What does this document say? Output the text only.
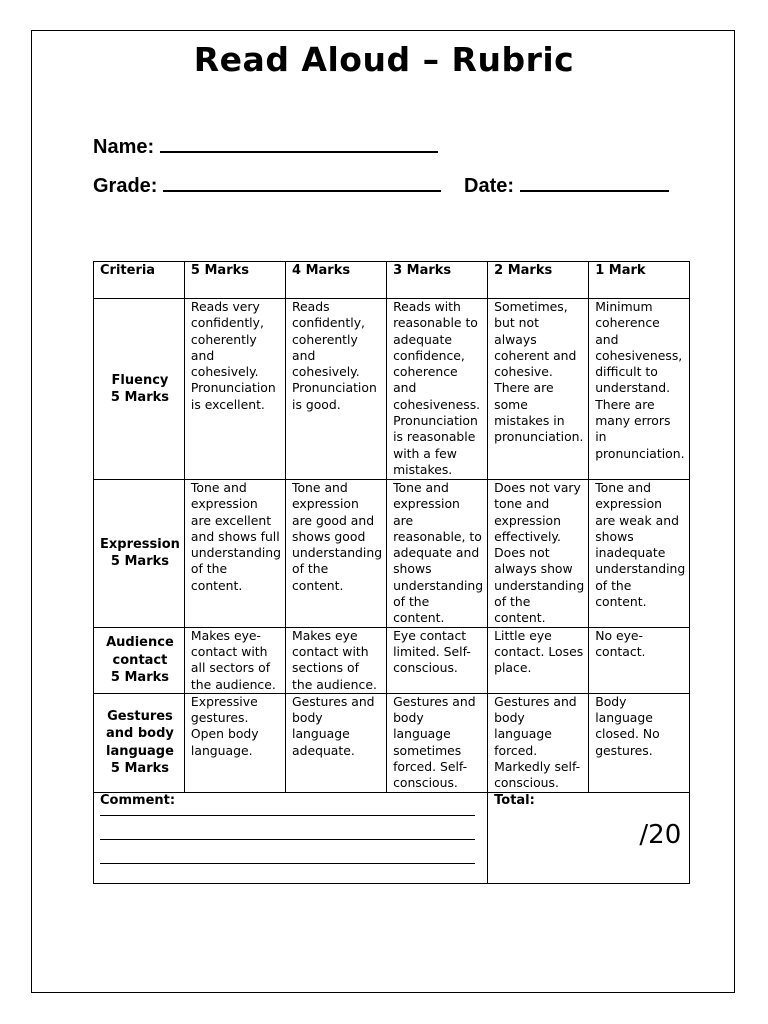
Read Aloud – Rubric
Name:
Grade:	Date:
Criteria	5 Marks	4 Marks	3 Marks	2 Marks	1 Mark
Fluency
5 Marks	Reads very confidently, coherently and cohesively. Pronunciation is excellent.	Reads confidently, coherently and cohesively. Pronunciation is good.	Reads with reasonable to adequate confidence, coherence and cohesiveness. Pronunciation is reasonable with a few mistakes.	Sometimes, but not always coherent and cohesive. There are some mistakes in pronunciation.	Minimum coherence and cohesiveness, difficult to understand. There are many errors in pronunciation.
Expression
5 Marks	Tone and expression are excellent and shows full understanding of the content.	Tone and expression are good and shows good understanding of the content.	Tone and expression are reasonable, to adequate and shows understanding of the content.	Does not vary tone and expression effectively. Does not always show understanding of the content.	Tone and expression are weak and shows inadequate understanding of the content.
Audience
contact
5 Marks	Makes eye-contact with all sectors of the audience.	Makes eye contact with sections of the audience.	Eye contact limited. Self-conscious.	Little eye contact. Loses place.	No eye-contact.
Gestures
and body
language
5 Marks	Expressive gestures. Open body language.	Gestures and body language adequate.	Gestures and body language sometimes forced. Self-conscious.	Gestures and body language forced. Markedly self-conscious.	Body language closed. No gestures.

Comment:				Total:
/20	
